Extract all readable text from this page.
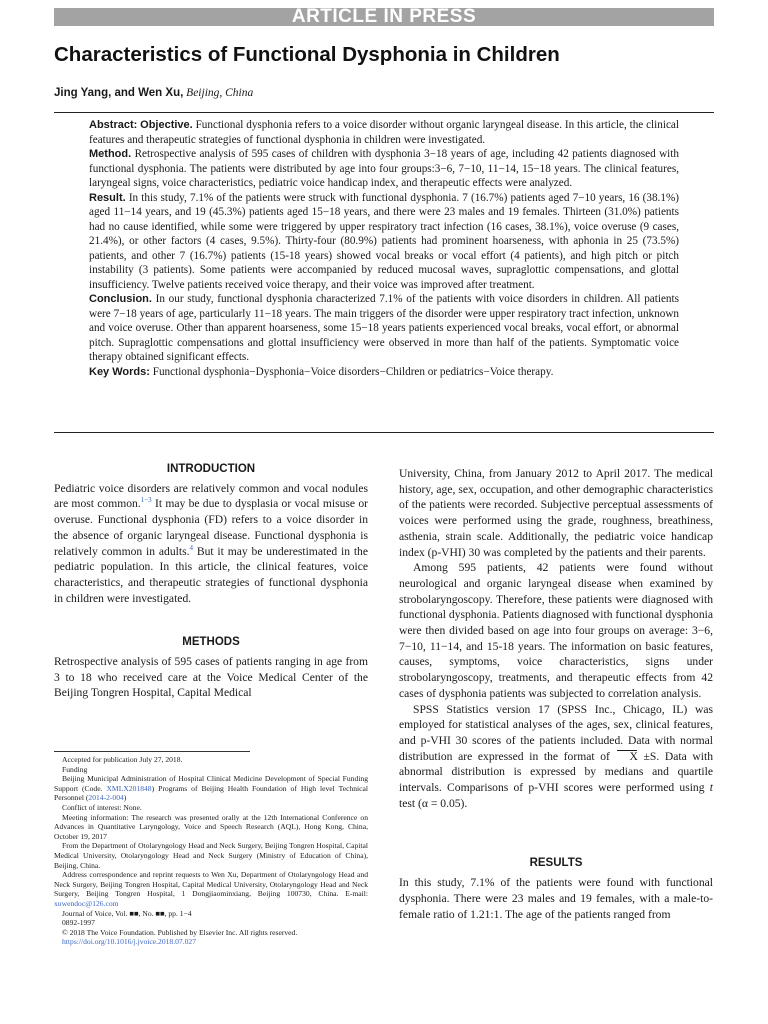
ARTICLE IN PRESS
Characteristics of Functional Dysphonia in Children
Jing Yang, and Wen Xu, Beijing, China

Abstract: Objective. Functional dysphonia refers to a voice disorder without organic laryngeal disease. In this article, the clinical features and therapeutic strategies of functional dysphonia in children were investigated.

Method. Retrospective analysis of 595 cases of children with dysphonia 3−18 years of age, including 42 patients diagnosed with functional dysphonia. The patients were distributed by age into four groups:3−6, 7−10, 11−14, 15−18 years. The clinical features, laryngeal signs, voice characteristics, pediatric voice handicap index, and therapeutic effects were analyzed.

Result. In this study, 7.1% of the patients were struck with functional dysphonia. 7 (16.7%) patients aged 7−10 years, 16 (38.1%) aged 11−14 years, and 19 (45.3%) patients aged 15−18 years, and there were 23 males and 19 females. Thirteen (31.0%) patients had no cause identified, while some were triggered by upper respiratory tract infection (16 cases, 38.1%), voice overuse (9 cases, 21.4%), or other factors (4 cases, 9.5%). Thirty-four (80.9%) patients had prominent hoarseness, with aphonia in 25 (73.5%) patients, and other 7 (16.7%) patients (15-18 years) showed vocal breaks or vocal effort (4 patients), and high pitch or pitch instability (3 patients). Some patients were accompanied by reduced mucosal waves, supraglottic compensations, and glottal insufficiency. Twelve patients received voice therapy, and their voice was improved after treatment.

Conclusion. In our study, functional dysphonia characterized 7.1% of the patients with voice disorders in children. All patients were 7−18 years of age, particularly 11−18 years. The main triggers of the disorder were upper respiratory tract infection, unknown and voice overuse. Other than apparent hoarseness, some 15−18 years patients experienced vocal breaks, vocal effort, or abnormal pitch. Supraglottic compensations and glottal insufficiency were observed in more than half of the patients. Symptomatic voice therapy obtained significant effects.

Key Words: Functional dysphonia−Dysphonia−Voice disorders−Children or pediatrics−Voice therapy.

INTRODUCTION

Pediatric voice disorders are relatively common and vocal nodules are most common.$^{1-3}$ It may be due to dysplasia or vocal misuse or overuse. Functional dysphonia (FD) refers to a voice disorder in the absence of organic laryngeal disease. Functional dysphonia is relatively common in adults.$^4$ But it may be underestimated in the pediatric population. In this article, the clinical features, voice characteristics, and therapeutic strategies of functional dysphonia in children were investigated.

METHODS

Retrospective analysis of 595 cases of patients ranging in age from 3 to 18 who received care at the Voice Medical Center of the Beijing Tongren Hospital, Capital Medical

Accepted for publication July 27, 2018.

Funding

Beijing Municipal Administration of Hospital Clinical Medicine Development of Special Funding Support (Code. XMLX201848) Programs of Beijing Health Foundation of High level Technical Personnel (2014-2-004)

Conflict of interest: None.

Meeting information: The research was presented orally at the 12th International Conference on Advances in Quantitative Laryngology, Voice and Speech Research (AQL), Hong Kong, China, October 19, 2017

From the Department of Otolaryngology Head and Neck Surgery, Beijing Tongren Hospital, Capital Medical University, Otolaryngology Head and Neck Surgery (Ministry of Education of China), Beijing, China.

Address correspondence and reprint requests to Wen Xu, Department of Otolaryngology Head and Neck Surgery, Beijing Tongren Hospital, Capital Medical University, Otolaryngology Head and Neck Surgery, Beijing Tongren Hospital, 1 Dongjiaominxiang, Beijing 100730, China. E-mail: xuwendoc@126.com

Journal of Voice, Vol. ■■, No. ■■, pp. 1−4

0892-1997

© 2018 The Voice Foundation. Published by Elsevier Inc. All rights reserved.

https://doi.org/10.1016/j.jvoice.2018.07.027

University, China, from January 2012 to April 2017. The medical history, age, sex, occupation, and other demographic characteristics of the patients were recorded. Subjective perceptual assessments of voices were performed using the grade, roughness, breathiness, asthenia, strain scale. Additionally, the pediatric voice handicap index (p-VHI) 30 was completed by the patients and their parents.

Among 595 patients, 42 patients were found without neurological and organic laryngeal disease when examined by strobolaryngoscopy. Therefore, these patients were diagnosed with functional dysphonia. Patients diagnosed with functional dysphonia were then divided based on age into four groups on average: 3−6, 7−10, 11−14, and 15-18 years. The information on basic features, causes, symptoms, voice characteristics, signs under strobolaryngoscopy, treatments, and therapeutic effects from 42 cases of dysphonia patients was subjected to correlation analysis.

SPSS Statistics version 17 (SPSS Inc., Chicago, IL) was employed for statistical analyses of the ages, sex, clinical features, and p-VHI 30 scores of the patients included. Data with normal distribution are expressed in the format of X ±S. Data with abnormal distribution is expressed by medians and quartile intervals. Comparisons of p-VHI scores were performed using t test (α = 0.05).

RESULTS

In this study, 7.1% of the patients were found with functional dysphonia. There were 23 males and 19 females, with a male-to-female ratio of 1.21:1. The age of the patients ranged from
